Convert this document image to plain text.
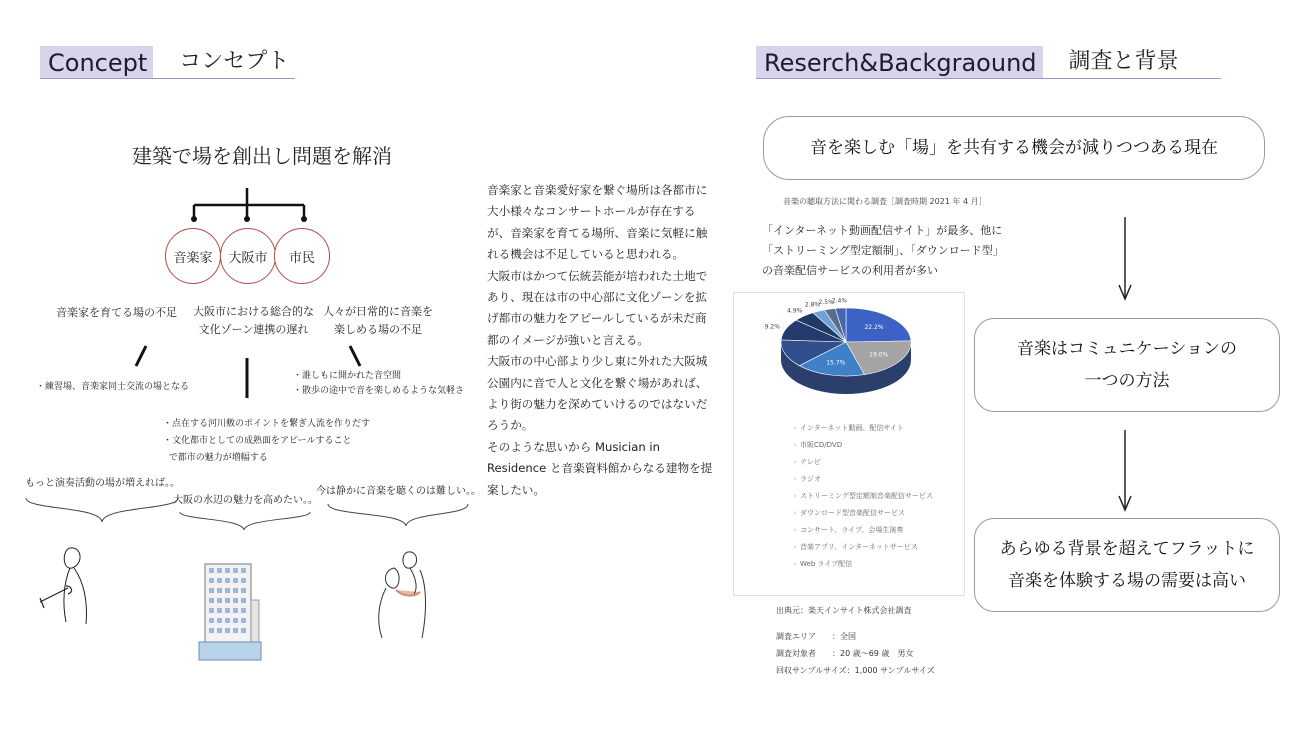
Concept	コンセプト	Reserch&Backgraound	調査と背景
建築で場を創出し問題を解消
音楽家	大阪市	市民
音楽家を育てる場の不足 大阪市における総合的な
文化ゾーン連携の遅れ
人々が日常的に音楽を
楽しめる場の不足
・練習場、音楽家同士交流の場となる
・点在する河川敷のポイントを繋ぎ人流を作りだす
・文化都市としての成熟面をアピールすること
で都市の魅力が増幅する
・誰しもに開かれた音空間
・散歩の途中で音を楽しめるような気軽さ
もっと演奏活動の場が増えれば。。
大阪の水辺の魅力を高めたい。。
今は静かに音楽を聴くのは難しい。。

音楽家と音楽愛好家を繋ぐ場所は各都市に大小様々なコンサートホールが存在するが、音楽家を育てる場所、音楽に気軽に触れる機会は不足していると思われる。

大阪市はかつて伝統芸能が培われた土地であり、現在は市の中心部に文化ゾーンを拡げ都市の魅力をアピールしているが未だ商都のイメージが強いと言える。

大阪市の中心部より少し東に外れた大阪城公園内に音で人と文化を繋ぐ場があれば、より街の魅力を深めていけるのではないだろうか。

そのような思いから Musician in Residence と音楽資料館からなる建物を提案したい。

音を楽しむ「場」を共有する機会が減りつつある現在
音楽の聴取方法に関わる調査［調査時期 2021 年 4 月］
「インターネット動画配信サイト」が最多、他に
「ストリーミング型定額制」、「ダウンロード型」
の音楽配信サービスの利用者が多い
22.2%
19.0%
15.7%
9.2%
4.9%
2.8%
2.5%
2.4%
› インターネット動画、配信サイト
› 市販CD/DVD
› テレビ
› ラジオ
› ストリーミング型定額制音楽配信サービス
› ダウンロード型音楽配信サービス
› コンサート、ライブ、会場生演奏
› 音楽アプリ、インターネットサービス
› Web ライブ配信
出典元：楽天インサイト株式会社調査
調査エリア　　：全国
調査対象者　　：20 歳〜69 歳　男女
回収サンプルサイズ：1,000 サンプルサイズ
音楽はコミュニケーションの
一つの方法
あらゆる背景を超えてフラットに
音楽を体験する場の需要は高い
